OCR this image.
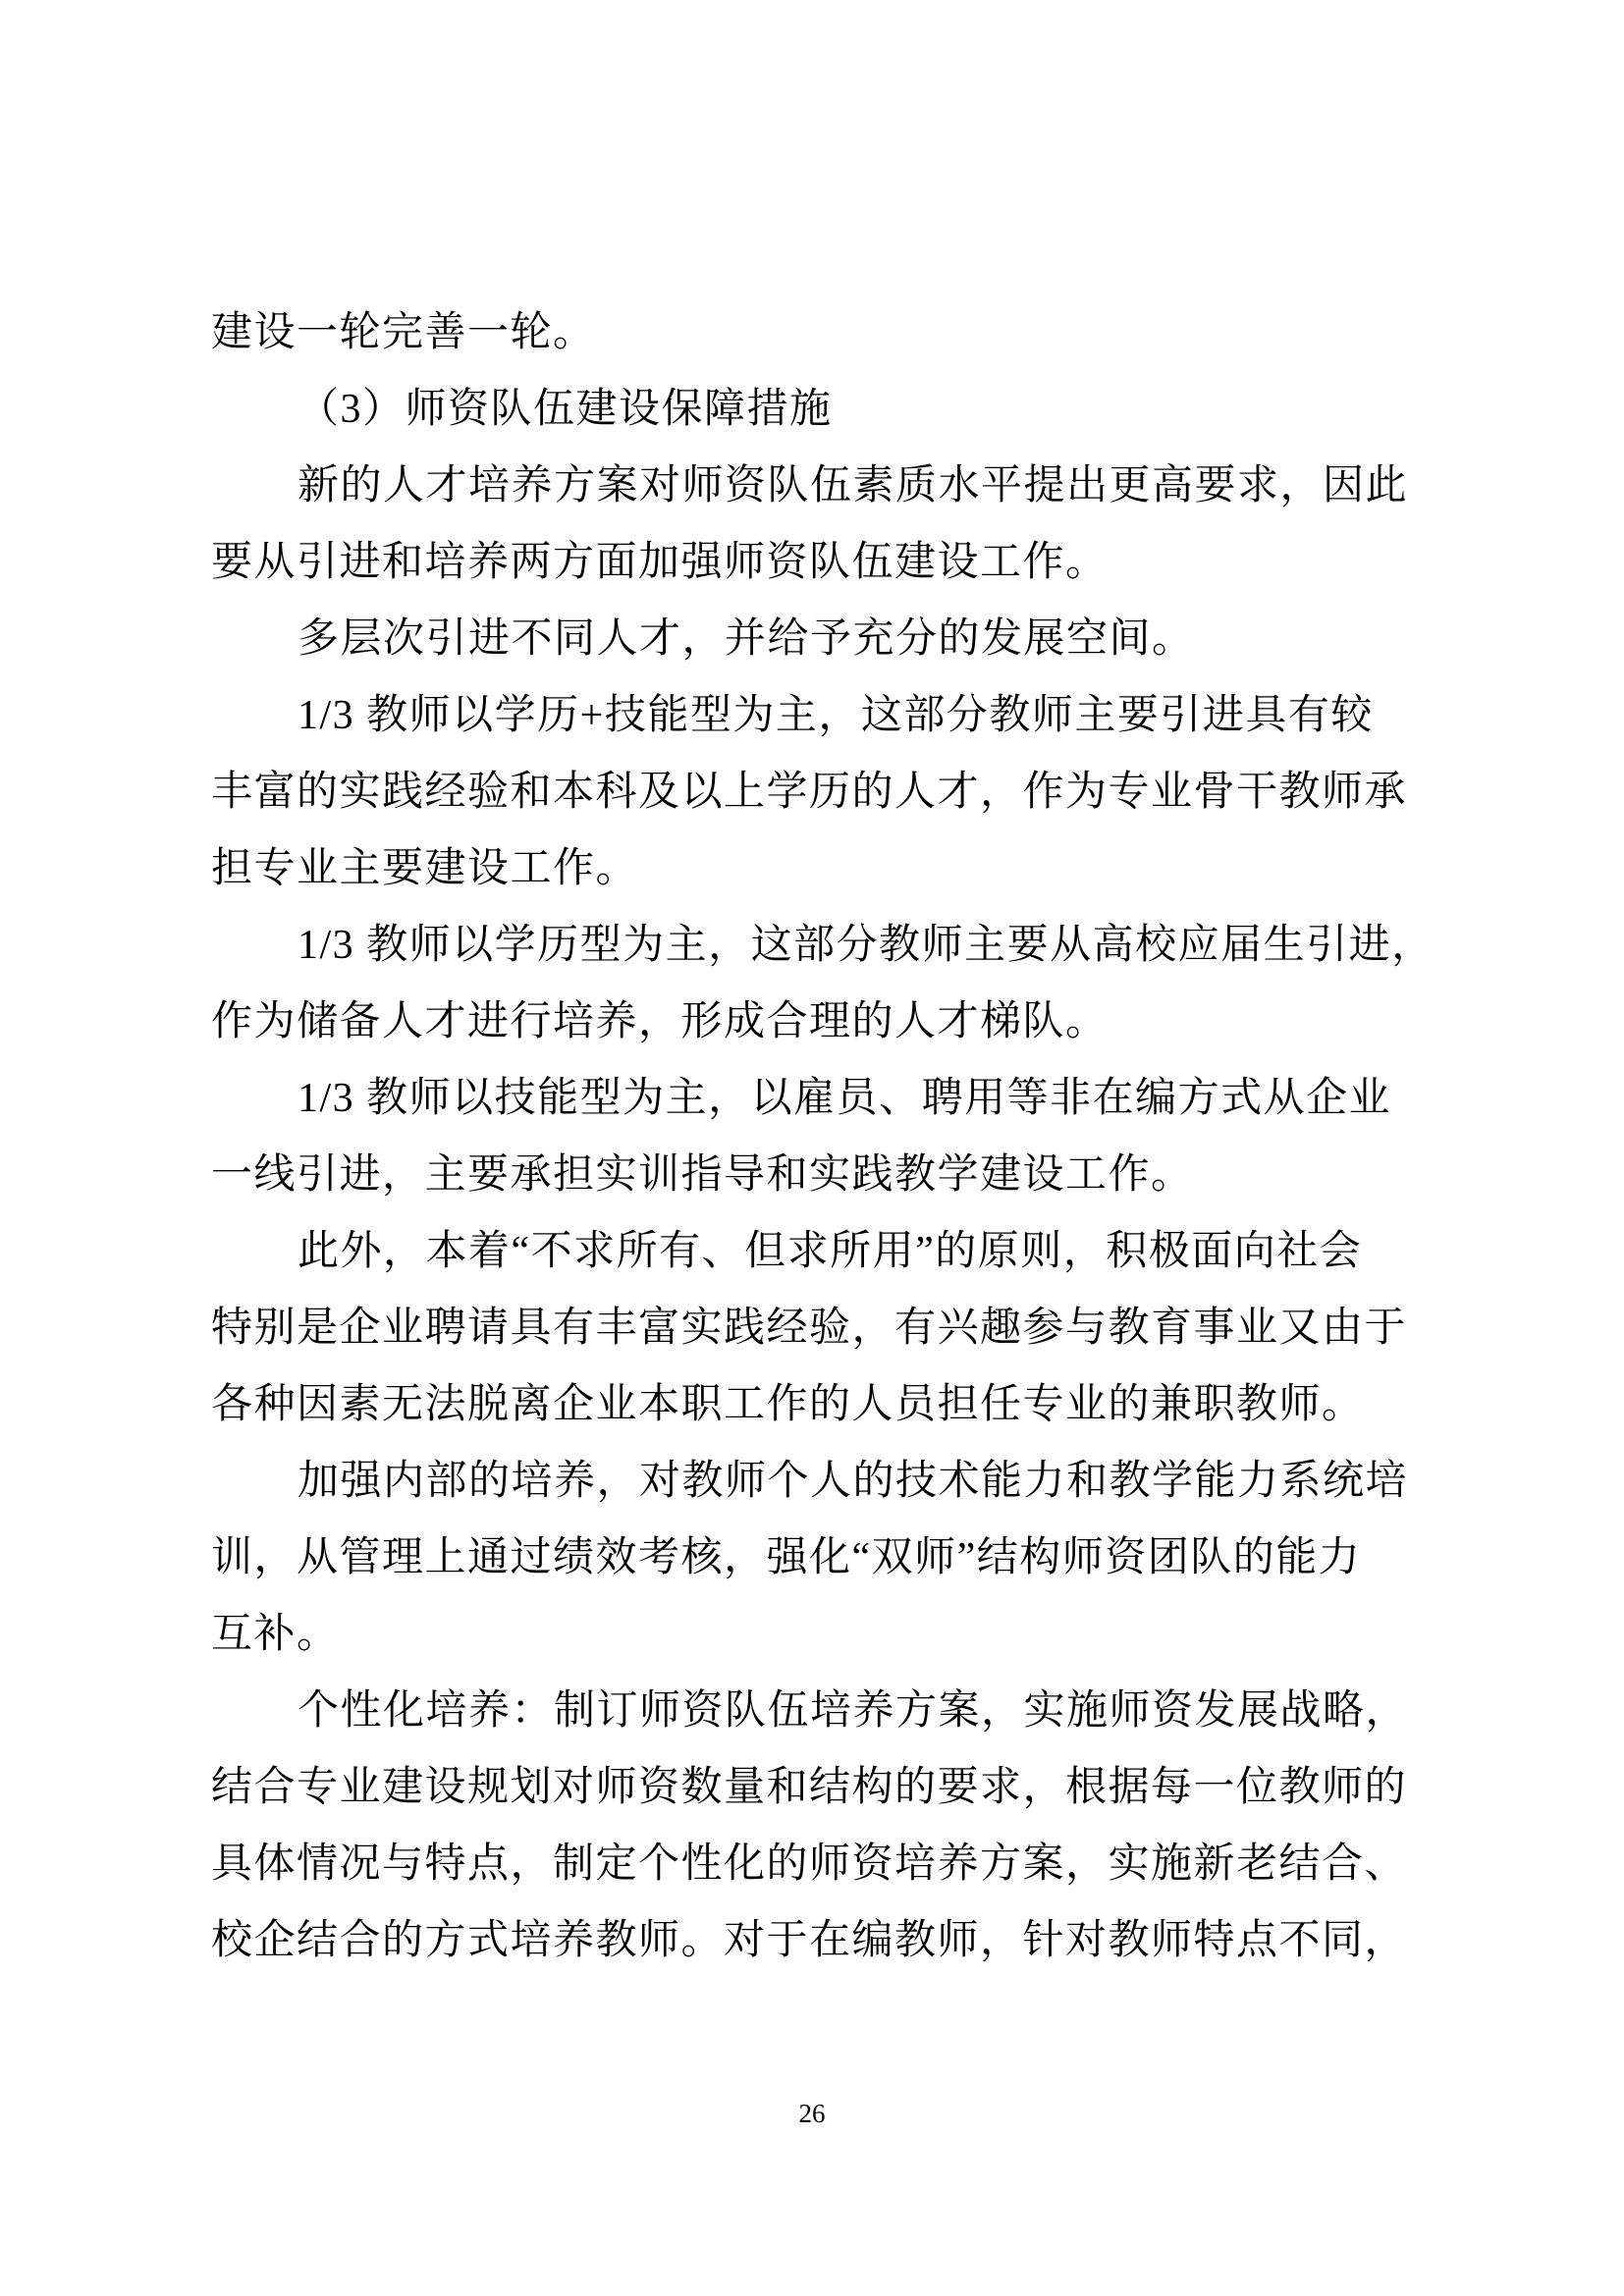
建设一轮完善一轮。
（3）师资队伍建设保障措施
新的人才培养方案对师资队伍素质水平提出更高要求，因此
要从引进和培养两方面加强师资队伍建设工作。
多层次引进不同人才，并给予充分的发展空间。
1/3 教师以学历+技能型为主，这部分教师主要引进具有较
丰富的实践经验和本科及以上学历的人才，作为专业骨干教师承
担专业主要建设工作。
1/3 教师以学历型为主，这部分教师主要从高校应届生引进，
作为储备人才进行培养，形成合理的人才梯队。
1/3 教师以技能型为主，以雇员、聘用等非在编方式从企业
一线引进，主要承担实训指导和实践教学建设工作。
此外，本着“不求所有、但求所用”的原则，积极面向社会
特别是企业聘请具有丰富实践经验，有兴趣参与教育事业又由于
各种因素无法脱离企业本职工作的人员担任专业的兼职教师。
加强内部的培养，对教师个人的技术能力和教学能力系统培
训，从管理上通过绩效考核，强化“双师”结构师资团队的能力
互补。
个性化培养：制订师资队伍培养方案，实施师资发展战略，
结合专业建设规划对师资数量和结构的要求，根据每一位教师的
具体情况与特点，制定个性化的师资培养方案，实施新老结合、
校企结合的方式培养教师。对于在编教师，针对教师特点不同，
26
